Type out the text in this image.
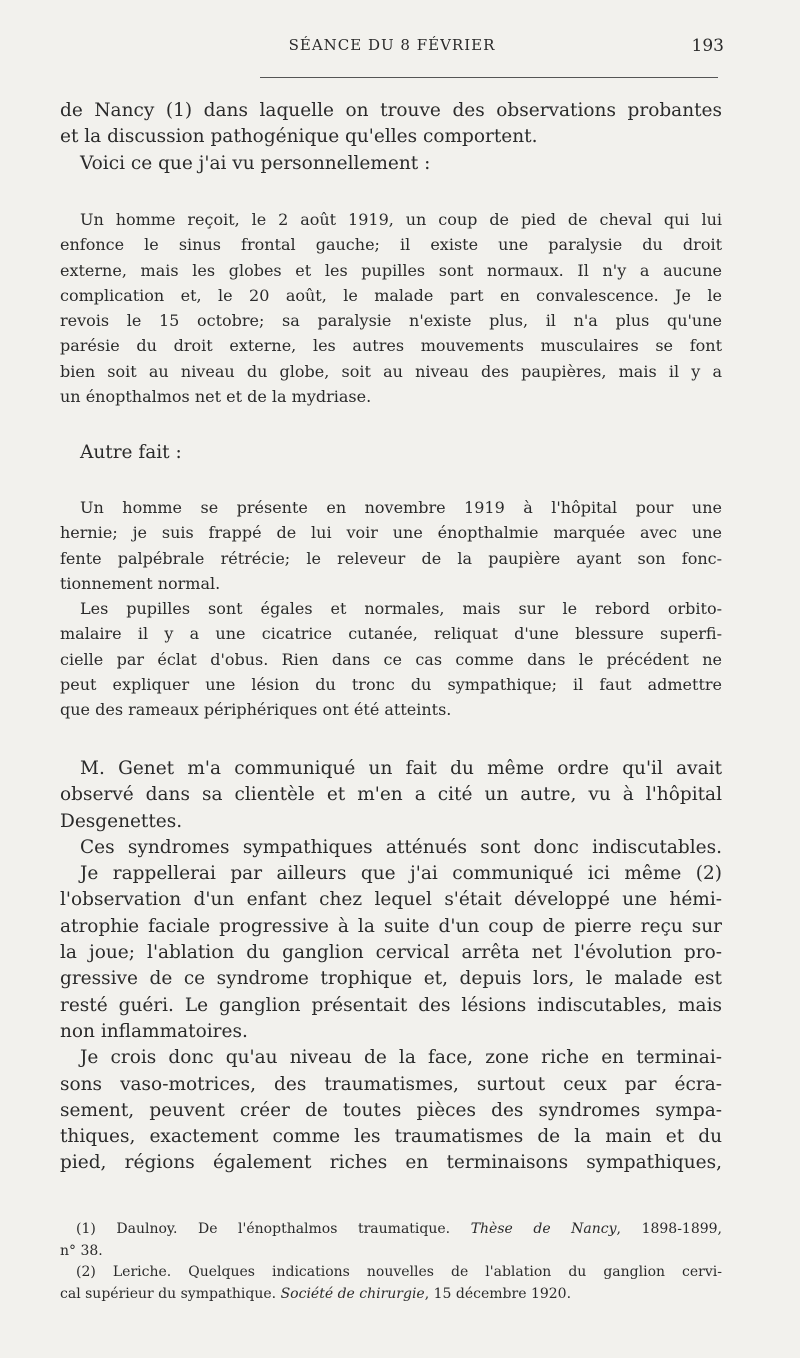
SÉANCE DU 8 FÉVRIER	193
de Nancy (1) dans laquelle on trouve des observations probantes
et la discussion pathogénique qu'elles comportent.
Voici ce que j'ai vu personnellement :
Un homme reçoit, le 2 août 1919, un coup de pied de cheval qui lui
enfonce le sinus frontal gauche; il existe une paralysie du droit
externe, mais les globes et les pupilles sont normaux. Il n'y a aucune
complication et, le 20 août, le malade part en convalescence. Je le
revois le 15 octobre; sa paralysie n'existe plus, il n'a plus qu'une
parésie du droit externe, les autres mouvements musculaires se font
bien soit au niveau du globe, soit au niveau des paupières, mais il y a
un énopthalmos net et de la mydriase.
Autre fait :
Un homme se présente en novembre 1919 à l'hôpital pour une
hernie; je suis frappé de lui voir une énopthalmie marquée avec une
fente palpébrale rétrécie; le releveur de la paupière ayant son fonc-
tionnement normal.
Les pupilles sont égales et normales, mais sur le rebord orbito-
malaire il y a une cicatrice cutanée, reliquat d'une blessure superfi-
cielle par éclat d'obus. Rien dans ce cas comme dans le précédent ne
peut expliquer une lésion du tronc du sympathique; il faut admettre
que des rameaux périphériques ont été atteints.
M. Genet m'a communiqué un fait du même ordre qu'il avait
observé dans sa clientèle et m'en a cité un autre, vu à l'hôpital
Desgenettes.
Ces syndromes sympathiques atténués sont donc indiscutables.
Je rappellerai par ailleurs que j'ai communiqué ici même (2)
l'observation d'un enfant chez lequel s'était développé une hémi-
atrophie faciale progressive à la suite d'un coup de pierre reçu sur
la joue; l'ablation du ganglion cervical arrêta net l'évolution pro-
gressive de ce syndrome trophique et, depuis lors, le malade est
resté guéri. Le ganglion présentait des lésions indiscutables, mais
non inflammatoires.
Je crois donc qu'au niveau de la face, zone riche en terminai-
sons vaso-motrices, des traumatismes, surtout ceux par écra-
sement, peuvent créer de toutes pièces des syndromes sympa-
thiques, exactement comme les traumatismes de la main et du
pied, régions également riches en terminaisons sympathiques,
(1) Daulnoy. De l'énopthalmos traumatique. Thèse de Nancy, 1898-1899,
n° 38.
(2) Leriche. Quelques indications nouvelles de l'ablation du ganglion cervi-
cal supérieur du sympathique. Société de chirurgie, 15 décembre 1920.
